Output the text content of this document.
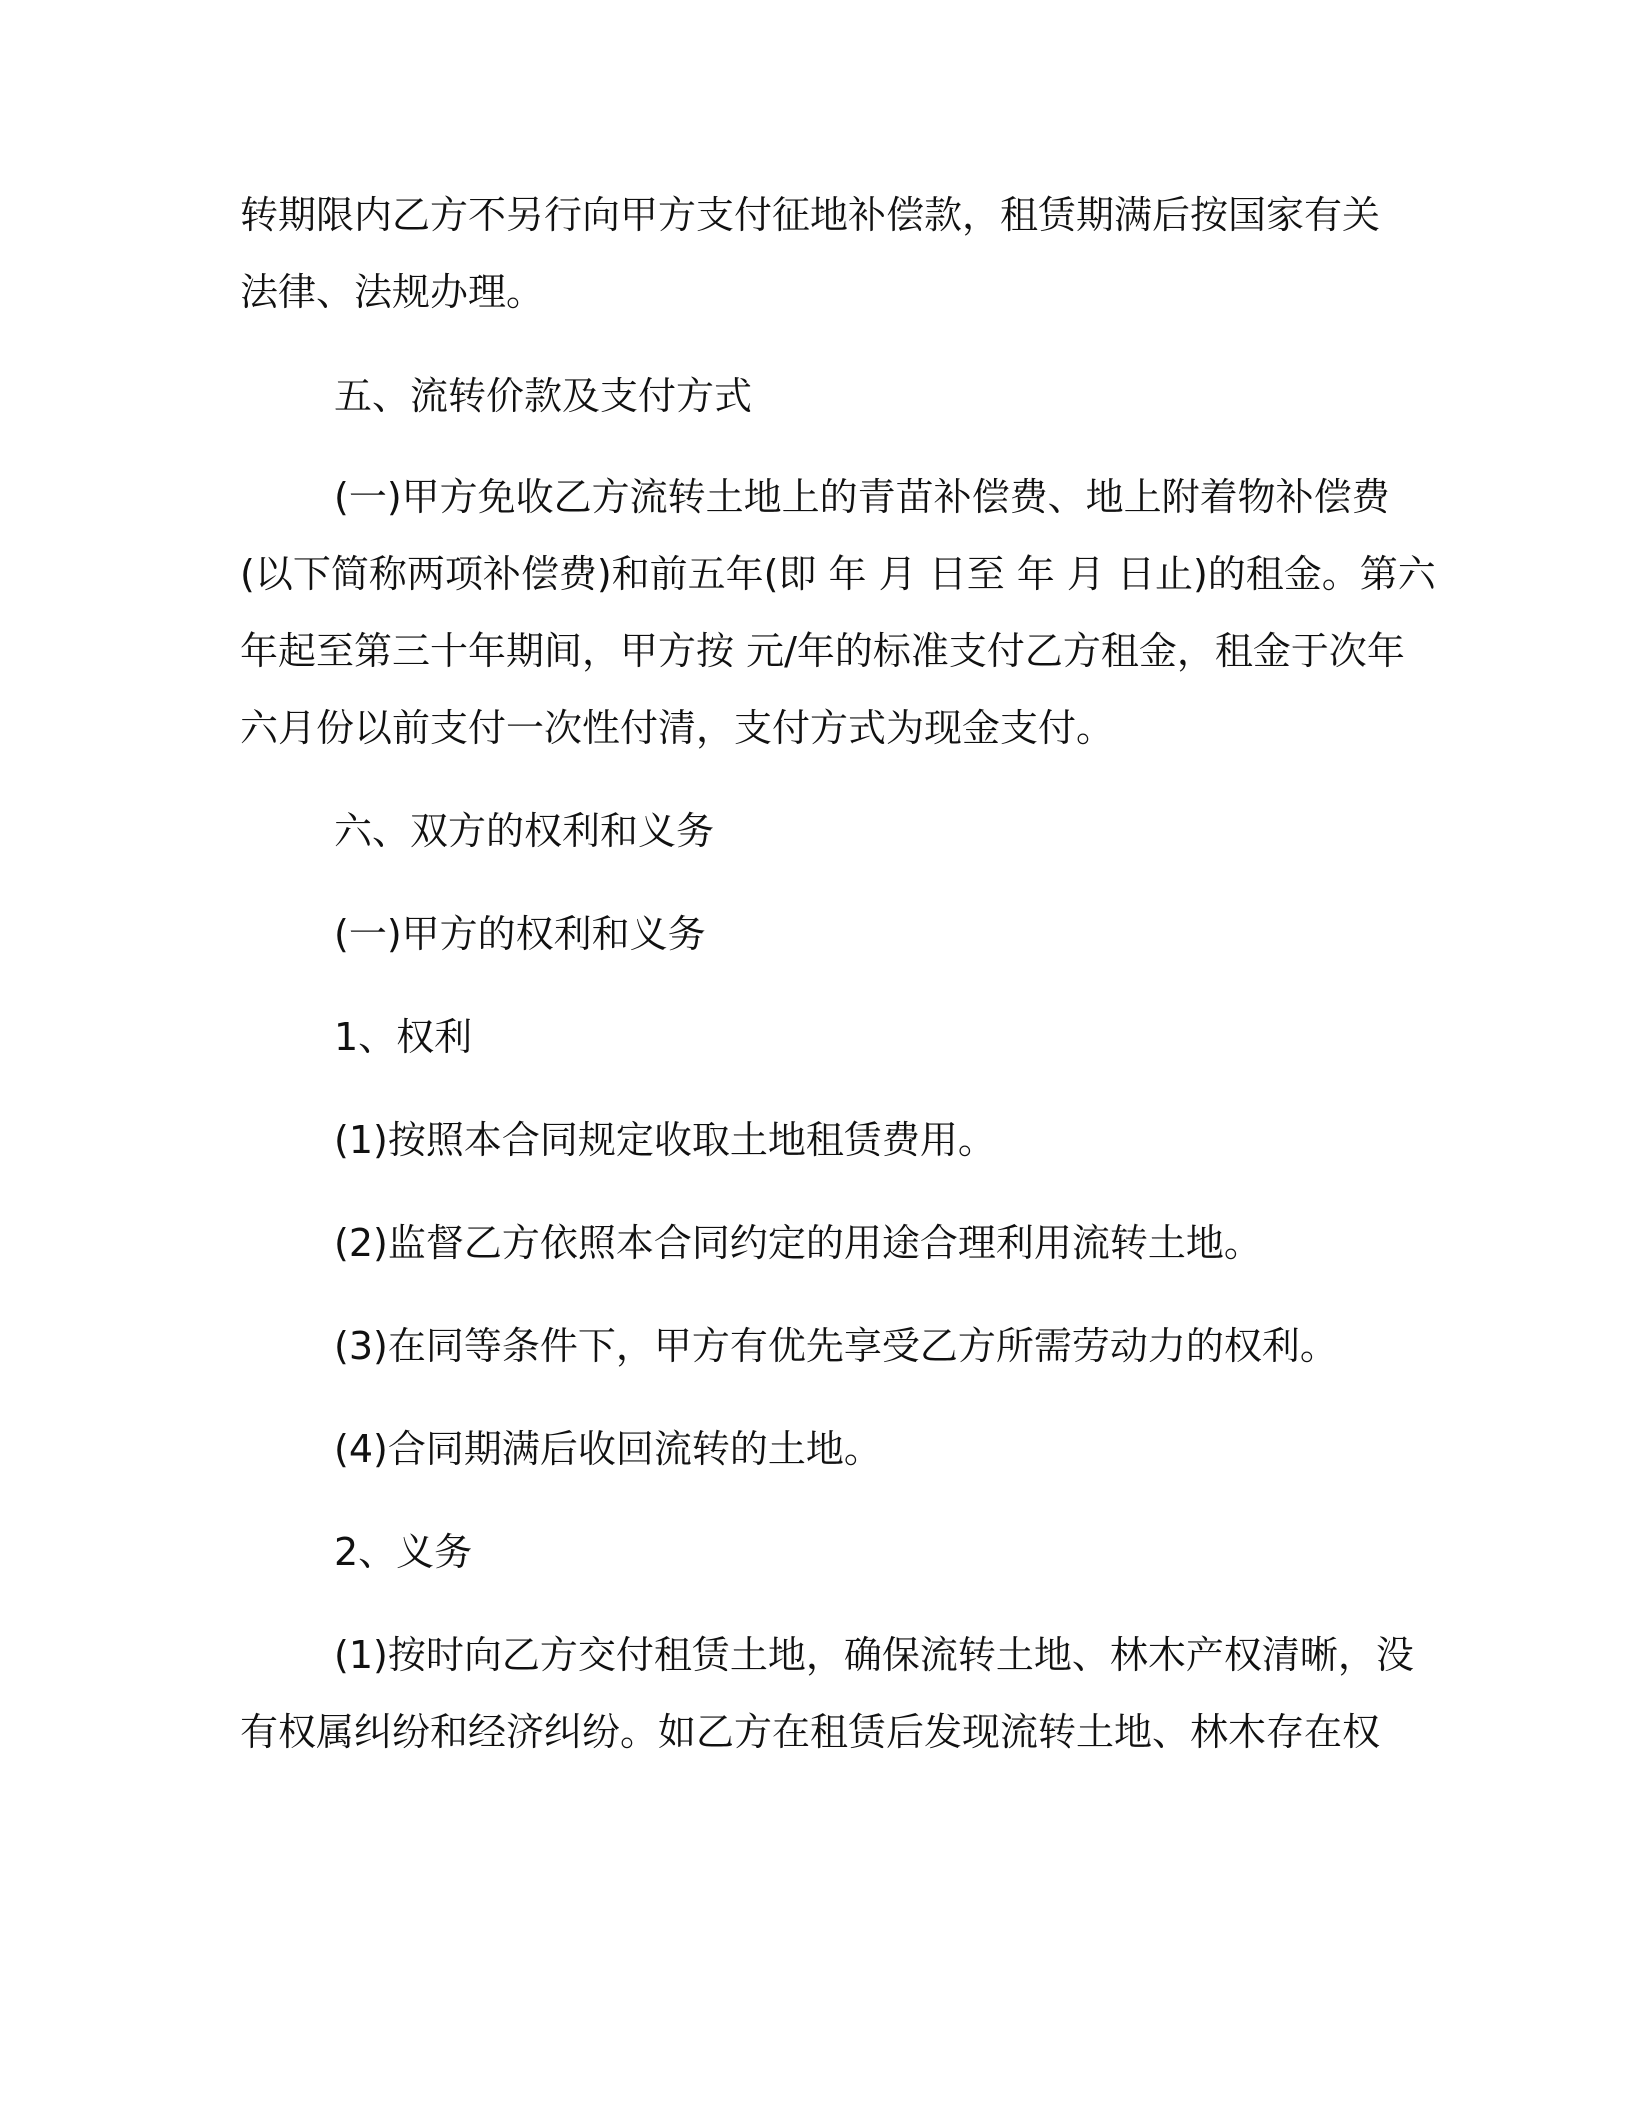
转期限内乙方不另行向甲方支付征地补偿款，租赁期满后按国家有关
法律、法规办理。
五、流转价款及支付方式
(一)甲方免收乙方流转土地上的青苗补偿费、地上附着物补偿费
(以下简称两项补偿费)和前五年(即 年 月 日至 年 月 日止)的租金。第六
年起至第三十年期间，甲方按 元/年的标准支付乙方租金，租金于次年
六月份以前支付一次性付清，支付方式为现金支付。
六、双方的权利和义务
(一)甲方的权利和义务
1、权利
(1)按照本合同规定收取土地租赁费用。
(2)监督乙方依照本合同约定的用途合理利用流转土地。
(3)在同等条件下，甲方有优先享受乙方所需劳动力的权利。
(4)合同期满后收回流转的土地。
2、义务
(1)按时向乙方交付租赁土地，确保流转土地、林木产权清晰，没
有权属纠纷和经济纠纷。如乙方在租赁后发现流转土地、林木存在权
